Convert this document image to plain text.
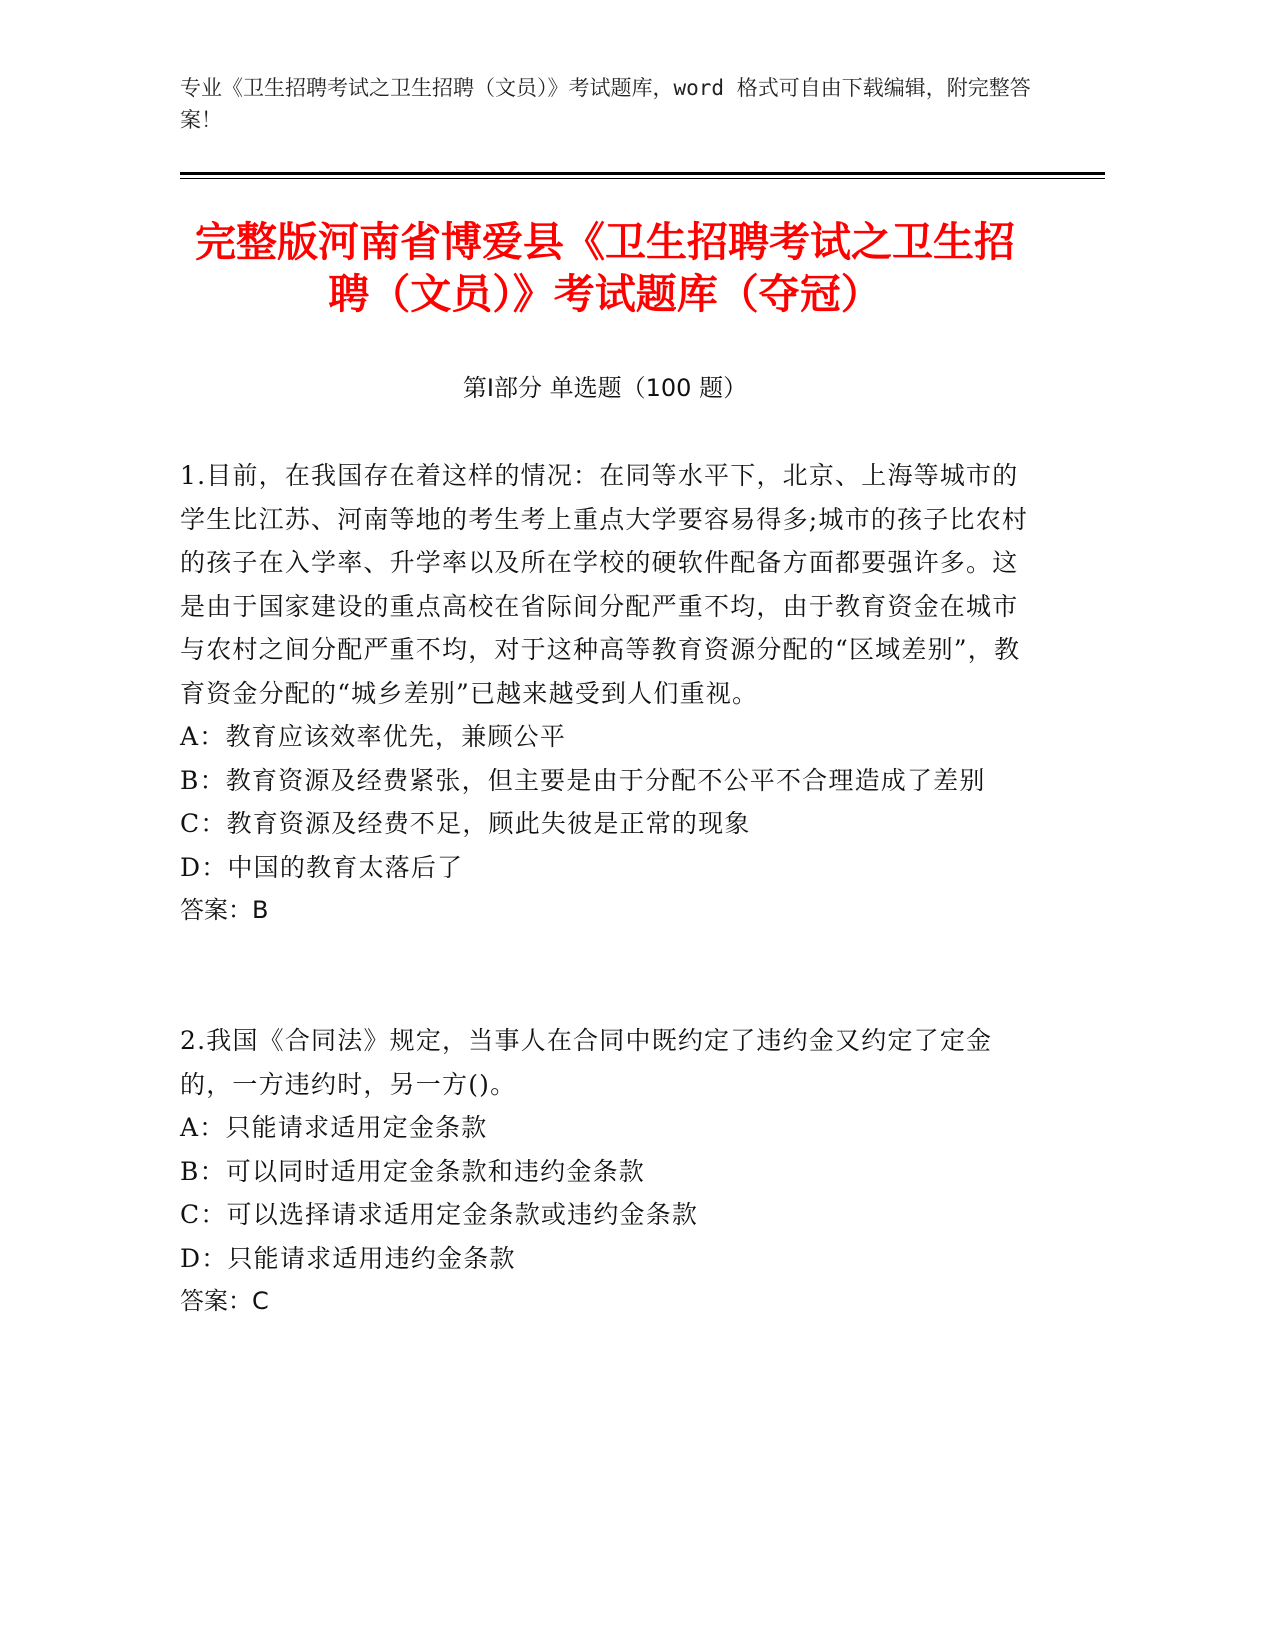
专业《卫生招聘考试之卫生招聘（文员）》考试题库，word 格式可自由下载编辑，附完整答案！
完整版河南省博爱县《卫生招聘考试之卫生招聘（文员）》考试题库（夺冠）
第Ⅰ部分 单选题（100 题）
1.目前，在我国存在着这样的情况：在同等水平下，北京、上海等城市的学生比江苏、河南等地的考生考上重点大学要容易得多;城市的孩子比农村的孩子在入学率、升学率以及所在学校的硬软件配备方面都要强许多。这是由于国家建设的重点高校在省际间分配严重不均，由于教育资金在城市与农村之间分配严重不均，对于这种高等教育资源分配的“区域差别”，教育资金分配的“城乡差别”已越来越受到人们重视。
A：教育应该效率优先，兼顾公平
B：教育资源及经费紧张，但主要是由于分配不公平不合理造成了差别
C：教育资源及经费不足，顾此失彼是正常的现象
D：中国的教育太落后了
答案：B
2.我国《合同法》规定，当事人在合同中既约定了违约金又约定了定金的，一方违约时，另一方()。
A：只能请求适用定金条款
B：可以同时适用定金条款和违约金条款
C：可以选择请求适用定金条款或违约金条款
D：只能请求适用违约金条款
答案：C
